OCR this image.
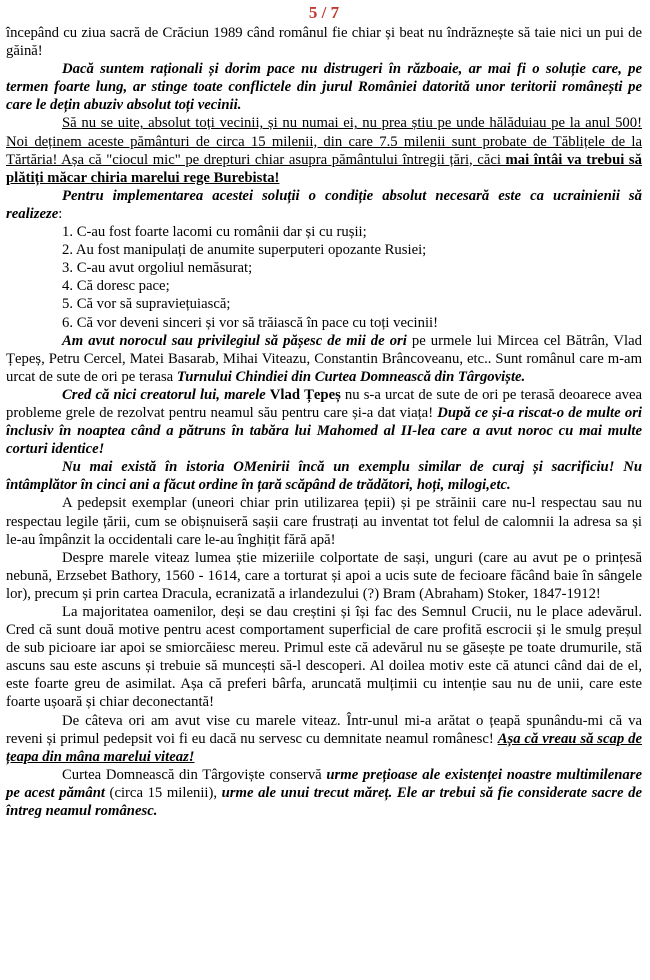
5 / 7

începând cu ziua sacră de Crăciun 1989 când românul fie chiar și beat nu îndrăznește să taie nici un pui de găină!

Dacă suntem raționali și dorim pace nu distrugeri în războaie, ar mai fi o soluție care, pe termen foarte lung, ar stinge toate conflictele din jurul României datorită unor teritorii românești pe care le dețin abuziv absolut toți vecinii.

Să nu se uite, absolut toți vecinii, și nu numai ei, nu prea știu pe unde hălăduiau pe la anul 500! Noi deținem aceste pământuri de circa 15 milenii, din care 7.5 milenii sunt probate de Tăblițele de la Tărtăria! Așa că "ciocul mic" pe drepturi chiar asupra pământului întregii țări, căci mai întâi va trebui să plătiți măcar chiria marelui rege Burebista!

Pentru implementarea acestei soluții o condiție absolut necesară este ca ucrainienii să realizeze:

1. C-au fost foarte lacomi cu românii dar și cu rușii;

2. Au fost manipulați de anumite superputeri opozante Rusiei;

3. C-au avut orgoliul nemăsurat;

4. Că doresc pace;

5. Că vor să supraviețuiască;

6. Că vor deveni sinceri și vor să trăiască în pace cu toți vecinii!

Am avut norocul sau privilegiul să pășesc de mii de ori pe urmele lui Mircea cel Bătrân, Vlad Țepeș, Petru Cercel, Matei Basarab, Mihai Viteazu, Constantin Brâncoveanu, etc.. Sunt românul care m-am urcat de sute de ori pe terasa Turnului Chindiei din Curtea Domnească din Târgoviște.

Cred că nici creatorul lui, marele Vlad Țepeș nu s-a urcat de sute de ori pe terasă deoarece avea probleme grele de rezolvat pentru neamul său pentru care și-a dat viața! După ce și-a riscat-o de multe ori înclusiv în noaptea când a pătruns în tabăra lui Mahomed al II-lea care a avut noroc cu mai multe corturi identice!

Nu mai există în istoria OMenirii încă un exemplu similar de curaj și sacrificiu! Nu întâmplător în cinci ani a făcut ordine în țară scăpând de trădători, hoți, milogi,etc.

A pedepsit exemplar (uneori chiar prin utilizarea țepii) și pe străinii care nu-l respectau sau nu respectau legile țării, cum se obișnuiseră sașii care frustrați au inventat tot felul de calomnii la adresa sa și le-au împânzit la occidentali care le-au înghițit fără apă!

Despre marele viteaz lumea știe mizeriile colportate de sași, unguri (care au avut pe o prințesă nebună, Erzsebet Bathory, 1560 - 1614, care a torturat și apoi a ucis sute de fecioare făcând baie în sângele lor), precum și prin cartea Dracula, ecranizată a irlandezului (?) Bram (Abraham) Stoker, 1847-1912!

La majoritatea oamenilor, deși se dau creștini și își fac des Semnul Crucii, nu le place adevărul. Cred că sunt două motive pentru acest comportament superficial de care profită escrocii și le smulg preșul de sub picioare iar apoi se smiorcăiesc mereu. Primul este că adevărul nu se găsește pe toate drumurile, stă ascuns sau este ascuns și trebuie să muncești să-l descoperi. Al doilea motiv este că atunci când dai de el, este foarte greu de asimilat. Așa că preferi bârfa, aruncată mulțimii cu intenție sau nu de unii, care este foarte ușoară și chiar deconectantă!

De câteva ori am avut vise cu marele viteaz. Într-unul mi-a arătat o țeapă spunându-mi că va reveni și primul pedepsit voi fi eu dacă nu servesc cu demnitate neamul românesc! Așa că vreau să scap de țeapa din mâna marelui viteaz!

Curtea Domnească din Târgoviște conservă urme prețioase ale existenței noastre multimilenare pe acest pământ (circa 15 milenii), urme ale unui trecut măreț. Ele ar trebui să fie considerate sacre de întreg neamul românesc.
